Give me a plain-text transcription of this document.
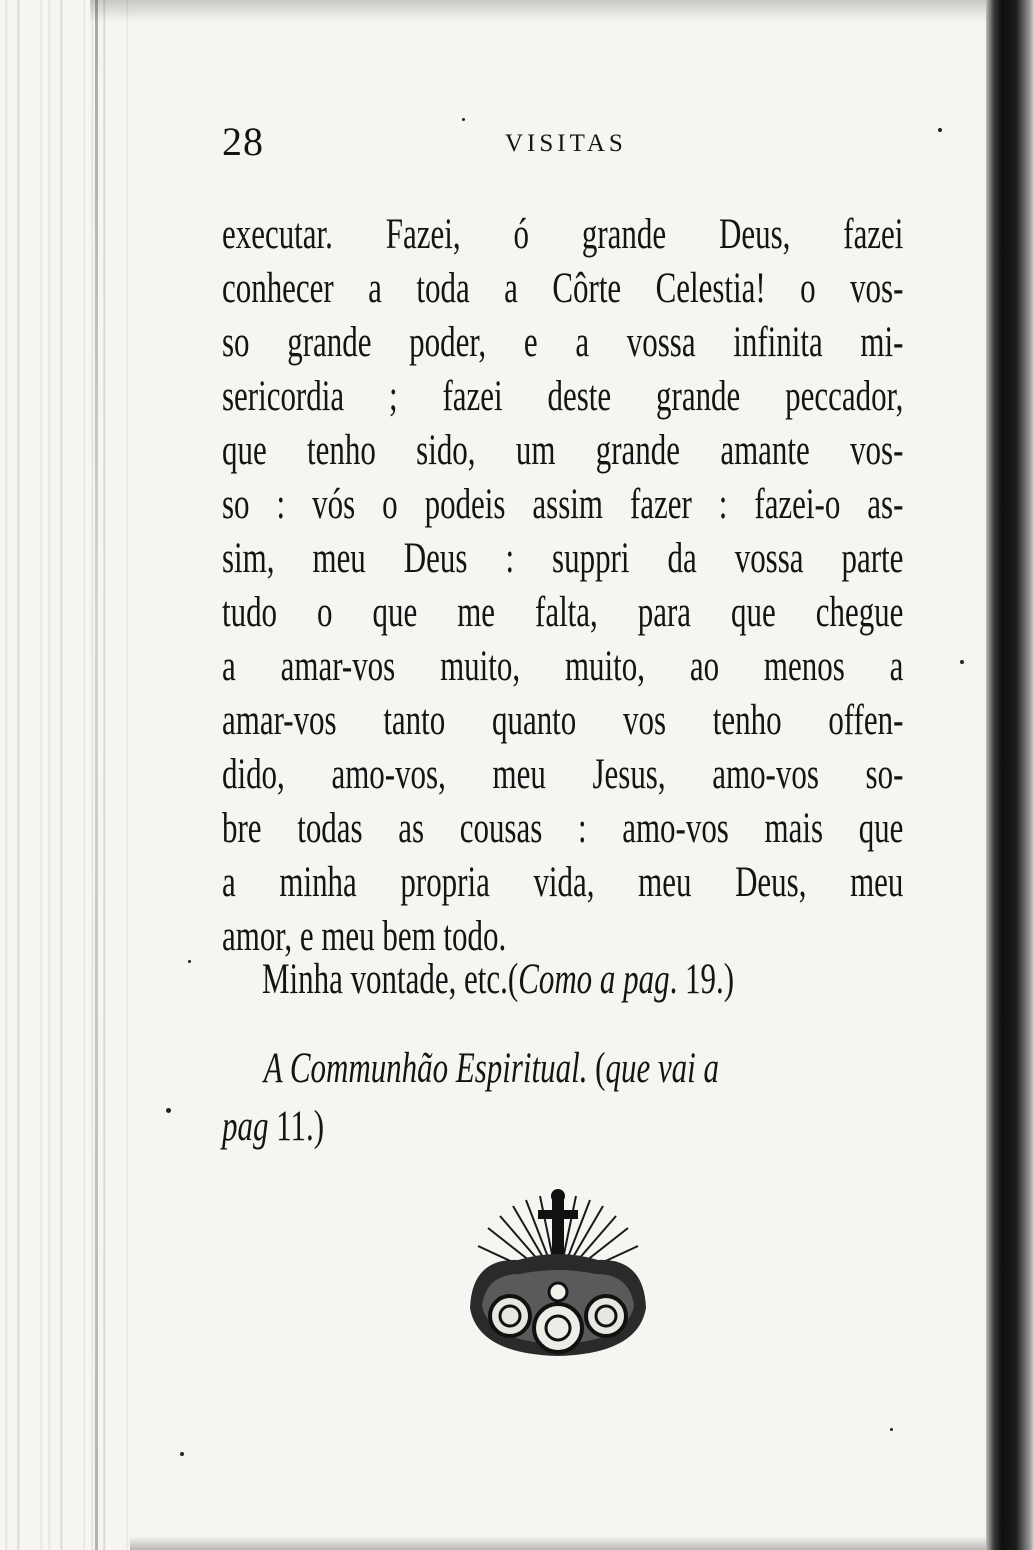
28	VISITAS
executar. Fazei, ó grande Deus, fazei
conhecer a toda a Côrte Celestia! o vos-
so grande poder, e a vossa infinita mi-
sericordia ; fazei deste grande peccador,
que tenho sido, um grande amante vos-
so : vós o podeis assim fazer : fazei-o as-
sim, meu Deus : suppri da vossa parte
tudo o que me falta, para que chegue
a amar-vos muito, muito, ao menos a
amar-vos tanto quanto vos tenho offen-
dido, amo-vos, meu Jesus, amo-vos so-
bre todas as cousas : amo-vos mais que
a minha propria vida, meu Deus, meu
amor, e meu bem todo.
Minha vontade, etc.(Como a pag. 19.)
A Communhão Espiritual. (que vai a
pag 11.)
